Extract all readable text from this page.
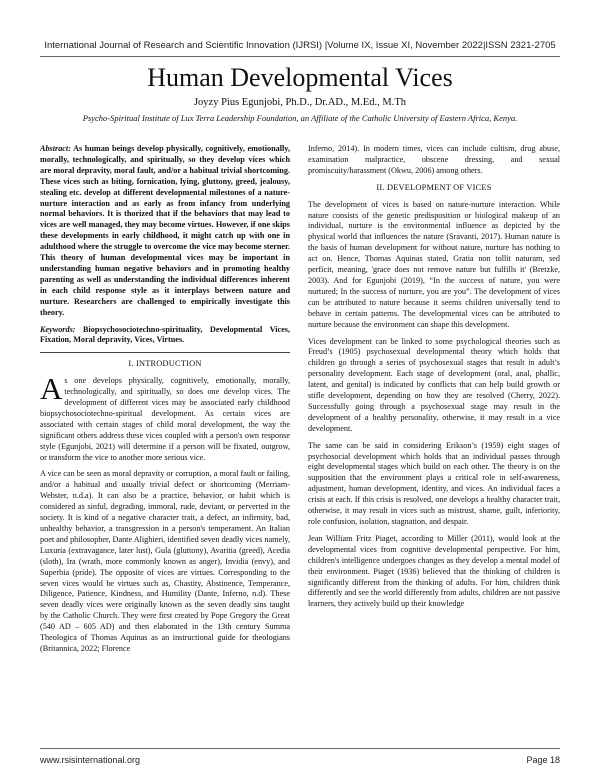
International Journal of Research and Scientific Innovation (IJRSI) |Volume IX, Issue XI, November 2022|ISSN 2321-2705
Human Developmental Vices
Joyzy Pius Egunjobi, Ph.D., Dr.AD., M.Ed., M.Th
Psycho-Spiritual Institute of Lux Terra Leadership Foundation, an Affiliate of the Catholic University of Eastern Africa, Kenya.

Abstract: As human beings develop physically, cognitively, emotionally, morally, technologically, and spiritually, so they develop vices which are moral depravity, moral fault, and/or a habitual trivial shortcoming. These vices such as biting, fornication, lying, gluttony, greed, jealousy, stealing etc. develop at different developmental milestones of a nature-nurture interaction and as early as from infancy from underlying normal behaviors. It is thorized that if the behaviors that may lead to vices are well managed, they may become virtues. However, if one skips these developments in early childhood, it might catch up with one in adulthood where the struggle to overcome the vice may become sterner. This theory of human developmental vices may be important in understanding human negative behaviors and in promoting healthy parenting as well as understanding the individual differences inherent in each child response style as it interplays between nature and nurture. Researchers are challenged to empirically investigate this theory.

Keywords: Biopsychosociotechno-spirituality, Developmental Vices, Fixation, Moral depravity, Vices, Virtues.

I. INTRODUCTION

As one develops physically, cognitively, emotionally, morally, technologically, and spiritually, so does one develop vices. The development of different vices may be associated early childhood biopsychosociotechno-spiritual development. As certain vices are associated with certain stages of child moral development, the way the significant others address these vices coupled with a person's own response style (Egunjobi, 2021) will determine if a person will be fixated, outgrow, or transform the vice to another more serious vice.

A vice can be seen as moral depravity or corruption, a moral fault or failing, and/or a habitual and usually trivial defect or shortcoming (Merriam-Webster, n.d.a). It can also be a practice, behavior, or habit which is considered as sinful, degrading, immoral, rude, deviant, or perverted in the society. It is kind of a negative character trait, a defect, an infirmity, bad, unhealthy behavior, a transgression in a person's temperament. An Italian poet and philosopher, Dante Alighieri, identified seven deadly vices namely, Luxuria (extravagance, later lust), Gula (gluttony), Avaritia (greed), Acedia (sloth), Ira (wrath, more commonly known as anger), Invidia (envy), and Superbia (pride). The opposite of vices are virtues. Corresponding to the seven vices would be virtues such as, Chastity, Abstinence, Temperance, Diligence, Patience, Kindness, and Humility (Dante, Inferno, n.d). These seven deadly vices were originally known as the seven deadly sins taught by the Catholic Church. They were first created by Pope Gregory the Great (540 AD – 605 AD) and then elaborated in the 13th century Summa Theologica of Thomas Aquinas as an instructional guide for theologians (Britannica, 2022; Florence

Inferno, 2014). In modern times, vices can include cultism, drug abuse, examination malpractice, obscene dressing, and sexual promiscuity/harassment (Okwu, 2006) among others.

II. DEVELOPMENT OF VICES

The development of vices is based on nature-nurture interaction. While nature consists of the genetic predisposition or biological makeup of an individual, nurture is the environmental influence as depicted by the physical world that influences the nature (Sravanti, 2017). Human nature is the basis of human development for without nature, nurture has nothing to act on. Hence, Thomas Aquinas stated, Gratia non tollit naturam, sed perficit, meaning, 'grace does not remove nature but fulfills it' (Bretzke, 2003). And for Egunjobi (2019), “In the success of nature, you were nurtured; In the success of nurture, you are you”. The development of vices can be attributed to nature because it seems children universally tend to behave in certain patterns. The developmental vices can be attributed to nurture because the environment can shape this development.

Vices development can be linked to some psychological theories such as Freud’s (1905) psychosexual developmental theory which holds that children go through a series of psychosexual stages that result in adult’s personality development. Each stage of development (oral, anal, phallic, latent, and genital) is indicated by conflicts that can help build growth or stifle development, depending on how they are resolved (Cherry, 2022). Successfully going through a psychosexual stage may result in the development of a healthy personality, otherwise, it may result in a vice development.

The same can be said in considering Erikson’s (1959) eight stages of psychosocial development which holds that an individual passes through eight developmental stages which build on each other. The theory is on the supposition that the environment plays a critical role in self-awareness, adjustment, human development, identity, and vices. An individual faces a crisis at each. If this crisis is resolved, one develops a healthy character trait, otherwise, it may result in vices such as mistrust, shame, guilt, inferiority, role confusion, isolation, stagnation, and despair.

Jean William Fritz Piaget, according to Miller (2011), would look at the developmental vices from cognitive developmental perspective. For him, children's intelligence undergoes changes as they develop a mental model of their environment. Piaget (1936) believed that the thinking of children is significantly different from the thinking of adults. For him, children think differently and see the world differently from adults, children are not passive learners, they actively build up their knowledge

www.rsisinternational.org	Page 18
